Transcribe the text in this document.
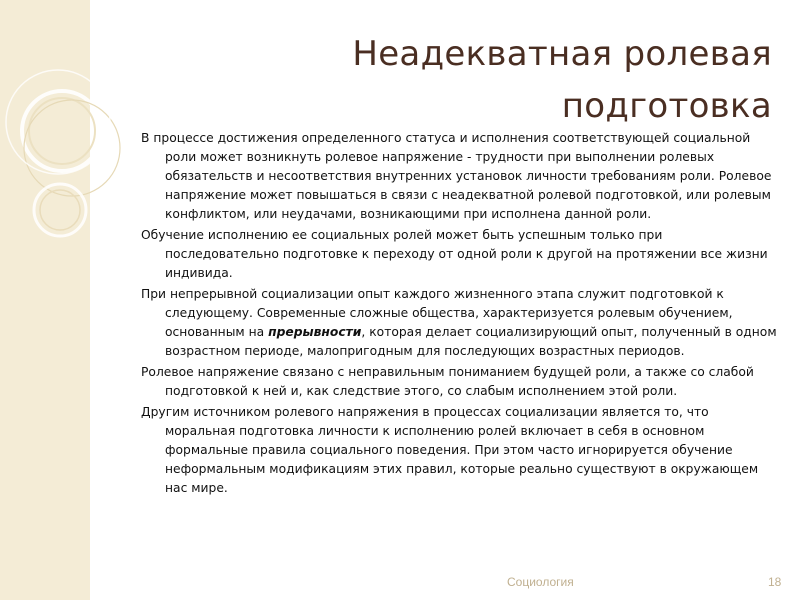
Неадекватная ролевая подготовка

В процессе достижения определенного статуса и исполнения соответствующей социальной роли может возникнуть ролевое напряжение - трудности при выполнении ролевых обязательств и несоответствия внутренних установок личности требованиям роли. Ролевое напряжение может повышаться в связи с неадекватной ролевой подготовкой, или ролевым конфликтом, или неудачами, возникающими при исполнена данной роли.

Обучение исполнению ее социальных ролей может быть успешным только при последовательно подготовке к переходу от одной роли к другой на протяжении все жизни индивида.

При непрерывной социализации опыт каждого жизненного этапа служит подготовкой к следующему. Современные сложные общества, характеризуется ролевым обучением, основанным на прерывности, которая делает социализирующий опыт, полученный в одном возрастном периоде, малопригодным для последующих возрастных периодов.

Ролевое напряжение связано с неправильным пониманием будущей роли, а также со слабой подготовкой к ней и, как следствие этого, со слабым исполнением этой роли.

Другим источником ролевого напряжения в процессах социализации является то, что моральная подготовка личности к исполнению ролей включает в себя в основном формальные правила социального поведения. При этом часто игнорируется обучение неформальным модификациям этих правил, которые реально существуют в окружающем нас мире.

Социология	18
